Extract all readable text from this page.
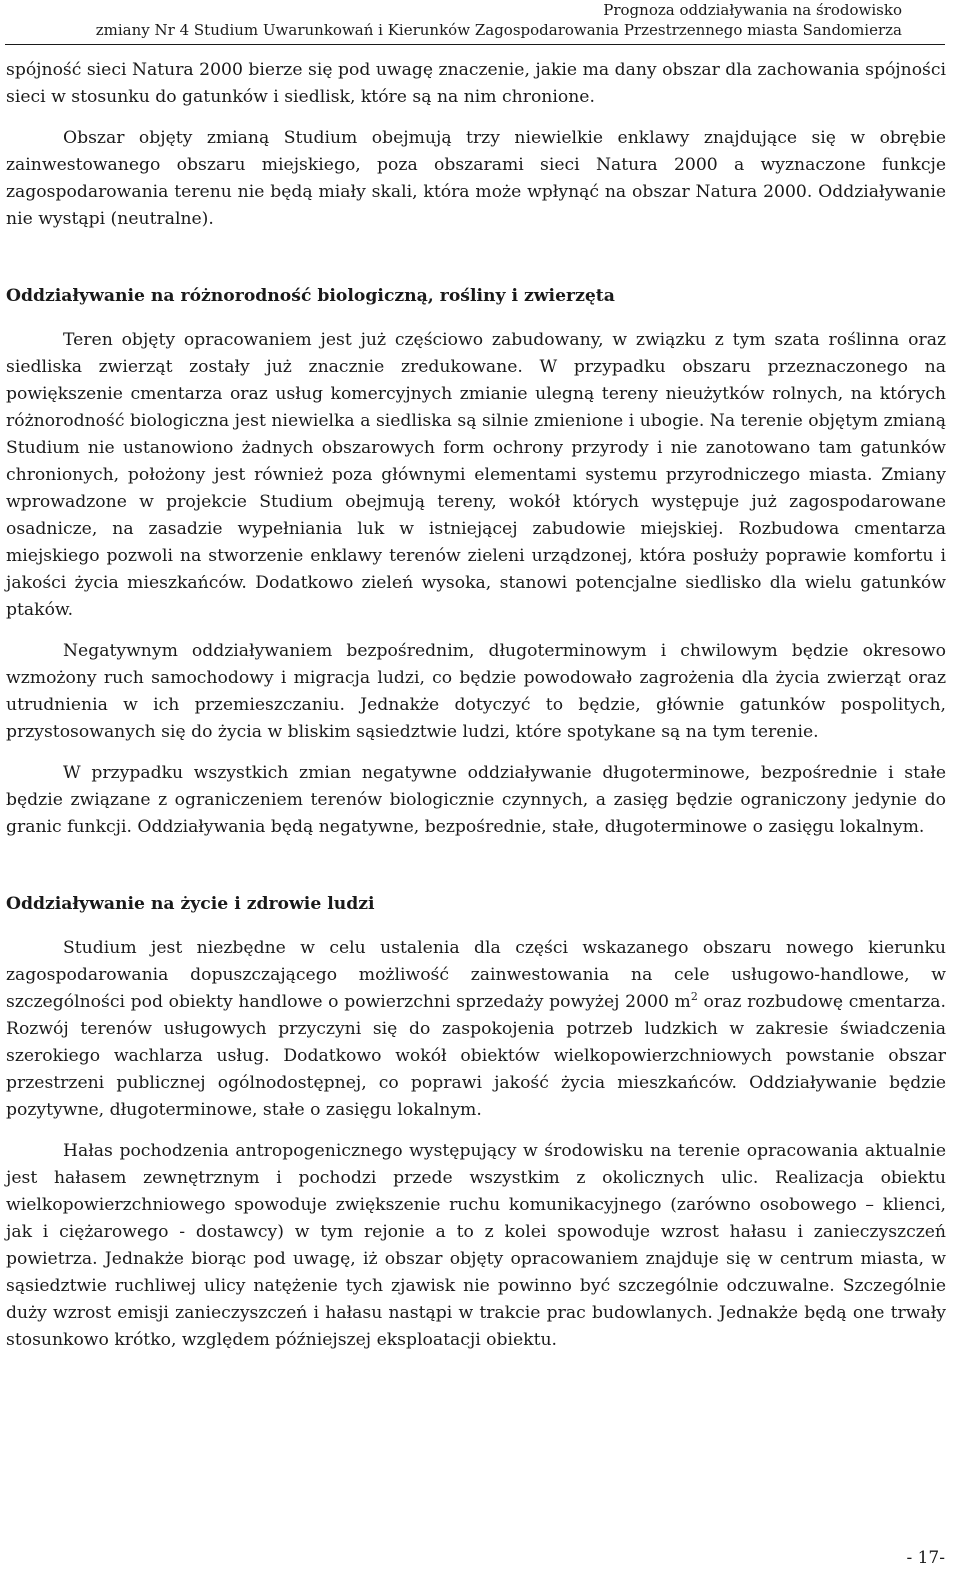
Prognoza oddziaływania na środowisko
zmiany Nr 4 Studium Uwarunkowań i Kierunków Zagospodarowania Przestrzennego miasta Sandomierza

spójność sieci Natura 2000 bierze się pod uwagę znaczenie, jakie ma dany obszar dla zachowania spójności sieci w stosunku do gatunków i siedlisk, które są na nim chronione.

Obszar objęty zmianą Studium obejmują trzy niewielkie enklawy znajdujące się w obrębie zainwestowanego obszaru miejskiego, poza obszarami sieci Natura 2000 a wyznaczone funkcje zagospodarowania terenu nie będą miały skali, która może wpłynąć na obszar Natura 2000. Oddziaływanie nie wystąpi (neutralne).

Oddziaływanie na różnorodność biologiczną, rośliny i zwierzęta

Teren objęty opracowaniem jest już częściowo zabudowany, w związku z tym szata roślinna oraz siedliska zwierząt zostały już znacznie zredukowane. W przypadku obszaru przeznaczonego na powiększenie cmentarza oraz usług komercyjnych zmianie ulegną tereny nieużytków rolnych, na których różnorodność biologiczna jest niewielka a siedliska są silnie zmienione i ubogie. Na terenie objętym zmianą Studium nie ustanowiono żadnych obszarowych form ochrony przyrody i nie zanotowano tam gatunków chronionych, położony jest również poza głównymi elementami systemu przyrodniczego miasta. Zmiany wprowadzone w projekcie Studium obejmują tereny, wokół których występuje już zagospodarowane osadnicze, na zasadzie wypełniania luk w istniejącej zabudowie miejskiej. Rozbudowa cmentarza miejskiego pozwoli na stworzenie enklawy terenów zieleni urządzonej, która posłuży poprawie komfortu i jakości życia mieszkańców. Dodatkowo zieleń wysoka, stanowi potencjalne siedlisko dla wielu gatunków ptaków.

Negatywnym oddziaływaniem bezpośrednim, długoterminowym i chwilowym będzie okresowo wzmożony ruch samochodowy i migracja ludzi, co będzie powodowało zagrożenia dla życia zwierząt oraz utrudnienia w ich przemieszczaniu. Jednakże dotyczyć to będzie, głównie gatunków pospolitych, przystosowanych się do życia w bliskim sąsiedztwie ludzi, które spotykane są na tym terenie.

W przypadku wszystkich zmian negatywne oddziaływanie długoterminowe, bezpośrednie i stałe będzie związane z ograniczeniem terenów biologicznie czynnych, a zasięg będzie ograniczony jedynie do granic funkcji. Oddziaływania będą negatywne, bezpośrednie, stałe, długoterminowe o zasięgu lokalnym.

Oddziaływanie na życie i zdrowie ludzi

Studium jest niezbędne w celu ustalenia dla części wskazanego obszaru nowego kierunku zagospodarowania dopuszczającego możliwość zainwestowania na cele usługowo-handlowe, w szczególności pod obiekty handlowe o powierzchni sprzedaży powyżej 2000 $m^2$ oraz rozbudowę cmentarza. Rozwój terenów usługowych przyczyni się do zaspokojenia potrzeb ludzkich w zakresie świadczenia szerokiego wachlarza usług. Dodatkowo wokół obiektów wielkopowierzchniowych powstanie obszar przestrzeni publicznej ogólnodostępnej, co poprawi jakość życia mieszkańców. Oddziaływanie będzie pozytywne, długoterminowe, stałe o zasięgu lokalnym.

Hałas pochodzenia antropogenicznego występujący w środowisku na terenie opracowania aktualnie jest hałasem zewnętrznym i pochodzi przede wszystkim z okolicznych ulic. Realizacja obiektu wielkopowierzchniowego spowoduje zwiększenie ruchu komunikacyjnego (zarówno osobowego – klienci, jak i ciężarowego - dostawcy) w tym rejonie a to z kolei spowoduje wzrost hałasu i zanieczyszczeń powietrza. Jednakże biorąc pod uwagę, iż obszar objęty opracowaniem znajduje się w centrum miasta, w sąsiedztwie ruchliwej ulicy natężenie tych zjawisk nie powinno być szczególnie odczuwalne. Szczególnie duży wzrost emisji zanieczyszczeń i hałasu nastąpi w trakcie prac budowlanych. Jednakże będą one trwały stosunkowo krótko, względem późniejszej eksploatacji obiektu.

- 17-
